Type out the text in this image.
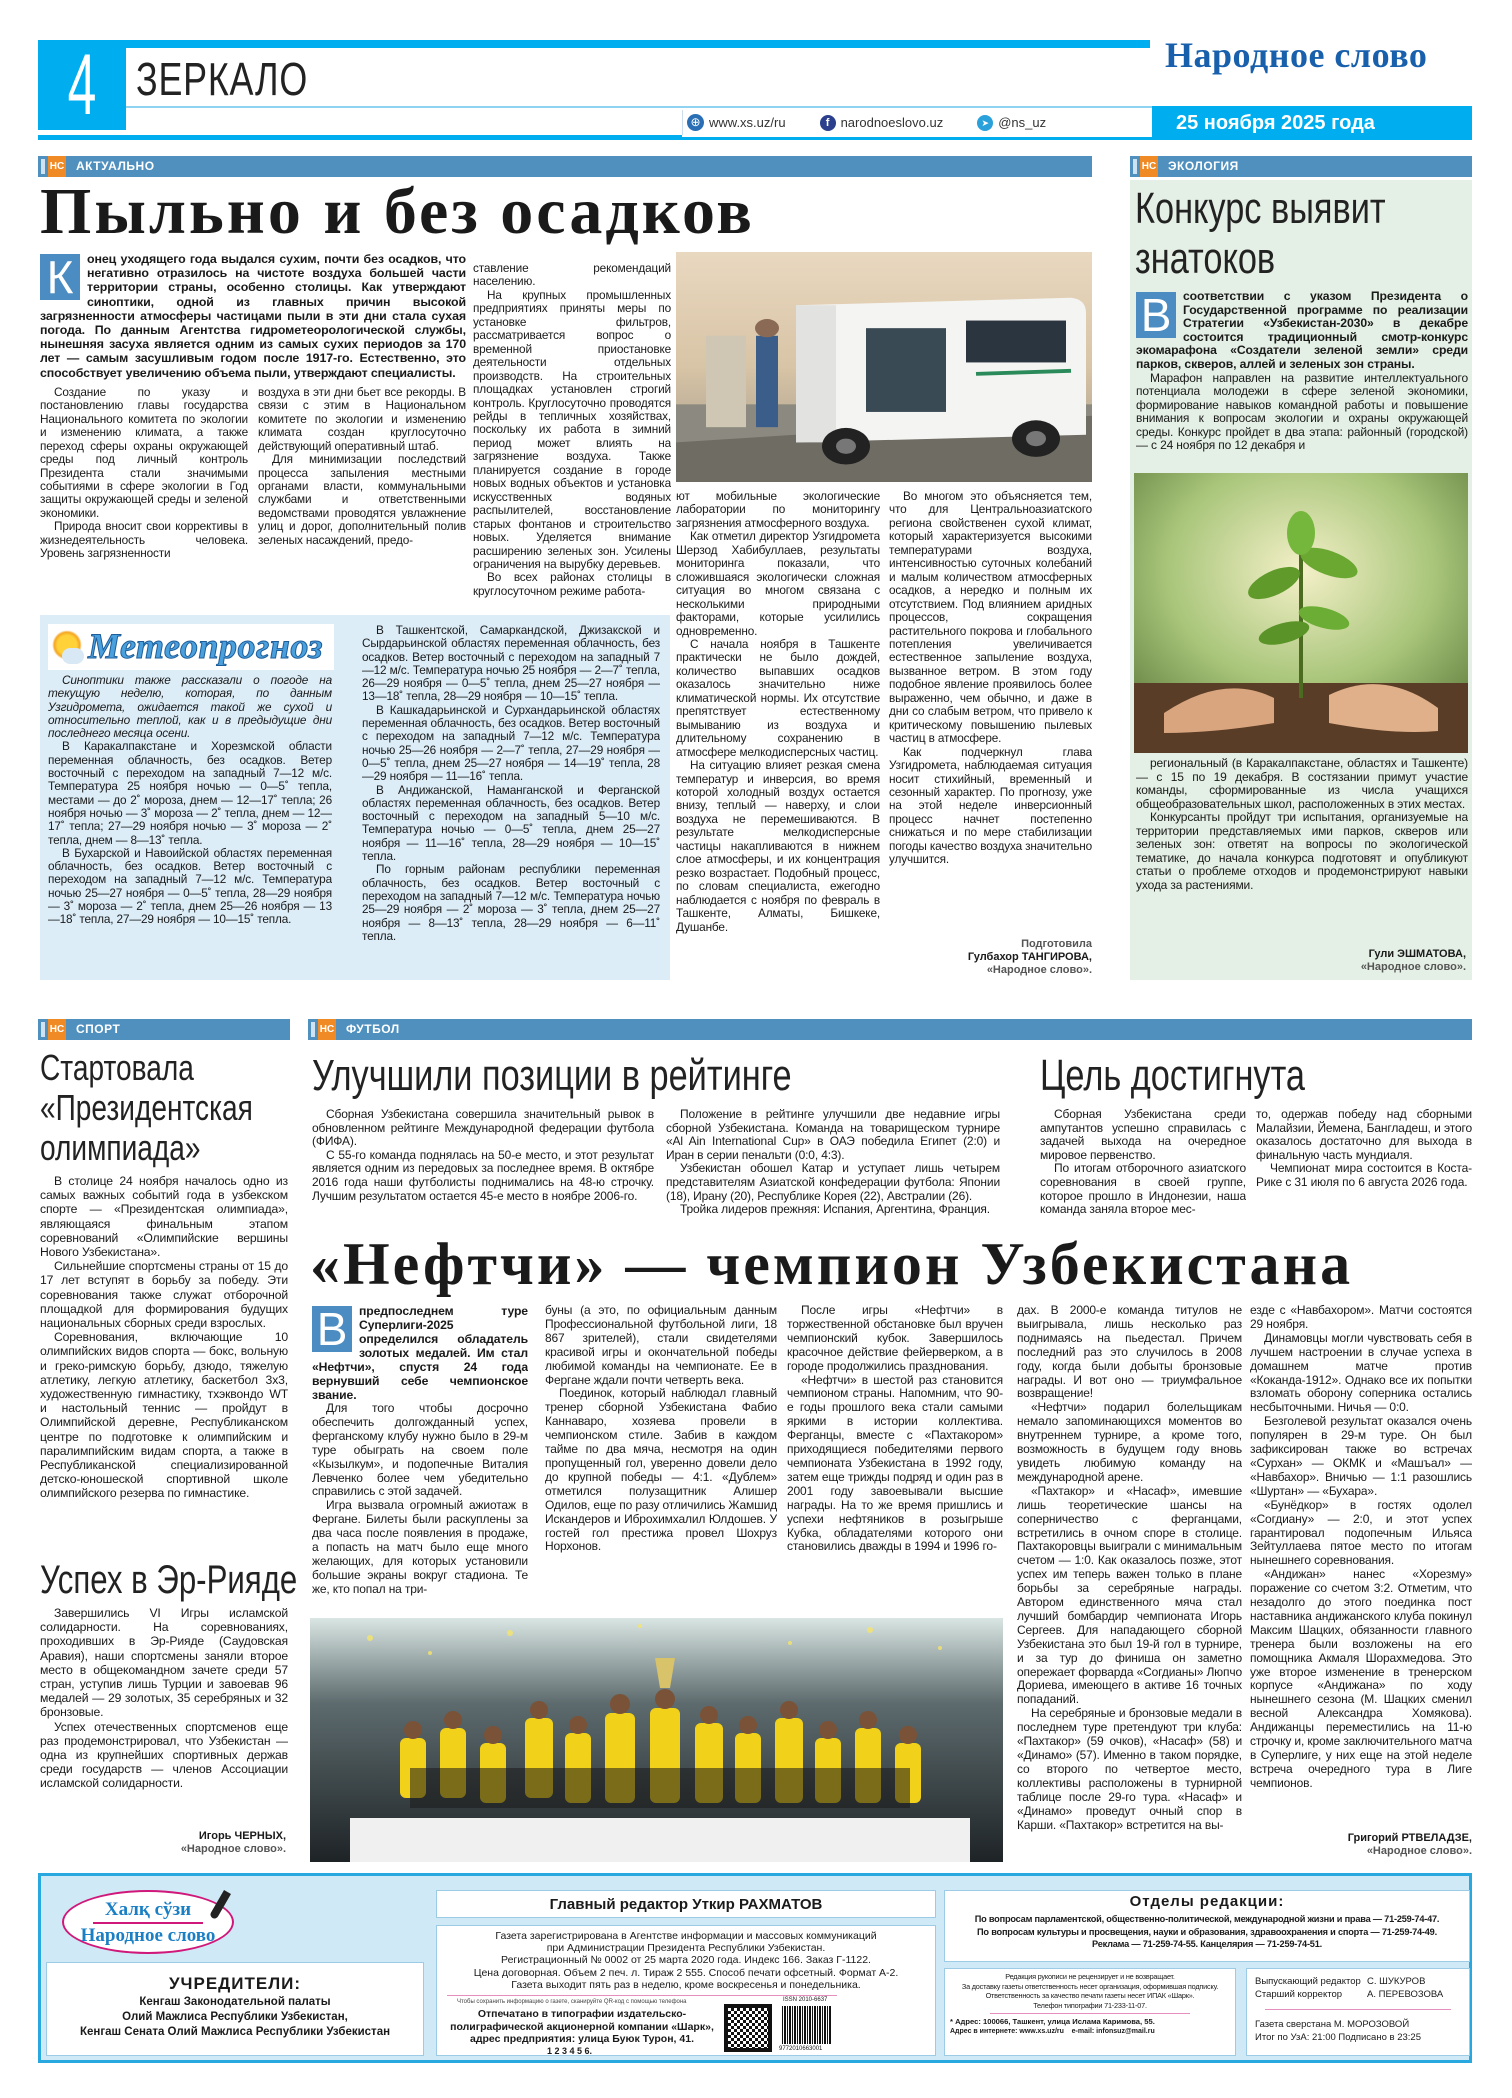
4 ЗЕРКАЛО	Народное слово
⊕ www.xs.uz/ru	f narodnoeslovo.uz	➤ @ns_uz	25 ноября 2025 года
НС АКТУАЛЬНО	НС ЭКОЛОГИЯ
Пыльно и без осадков
К	онец уходящего года выдался сухим, почти без осадков, что негативно отразилось на чистоте воздуха большей части территории страны, особенно столицы. Как утверждают синоптики, одной из главных причин высокой загрязненности атмосферы частицами пыли в эти дни стала сухая погода. По данным Агентства гидрометеорологической службы, нынешняя засуха является одним из самых сухих периодов за 170 лет — самым засушливым годом после 1917-го. Естественно, это способствует увеличению объема пыли, утверждают специалисты.

Создание по указу и постановлению главы государства Национального комитета по экологии и изменению климата, а также переход сферы охраны окружающей среды под личный контроль Президента стали значимыми событиями в сфере экологии в Год защиты окружающей среды и зеленой экономики.

Природа вносит свои коррективы в жизнедеятельность человека. Уровень загрязненности

воздуха в эти дни бьет все рекорды. В связи с этим в Национальном комитете по экологии и изменению климата создан круглосуточно действующий оперативный штаб.

Для минимизации последствий процесса запыления местными органами власти, коммунальными службами и ответственными ведомствами проводятся увлажнение улиц и дорог, дополнительный полив зеленых насаждений, предо-

ставление рекомендаций населению.

На крупных промышленных предприятиях приняты меры по установке фильтров, рассматривается вопрос о временной приостановке деятельности отдельных производств. На строительных площадках установлен строгий контроль. Круглосуточно проводятся рейды в тепличных хозяйствах, поскольку их работа в зимний период может влиять на загрязнение воздуха. Также планируется создание в городе новых водных объектов и установка искусственных водяных распылителей, восстановление старых фонтанов и строительство новых. Уделяется внимание расширению зеленых зон. Усилены ограничения на вырубку деревьев.

Во всех районах столицы в круглосуточном режиме работа-

ют мобильные экологические лаборатории по мониторингу загрязнения атмосферного воздуха.

Как отметил директор Узгидромета Шерзод Хабибуллаев, результаты мониторинга показали, что сложившаяся экологически сложная ситуация во многом связана с несколькими природными факторами, которые усилились одновременно.

С начала ноября в Ташкенте практически не было дождей, количество выпавших осадков оказалось значительно ниже климатической нормы. Их отсутствие препятствует естественному вымыванию из воздуха и длительному сохранению в атмосфере мелкодисперсных частиц.

На ситуацию влияет резкая смена температур и инверсия, во время которой холодный воздух остается внизу, теплый — наверху, и слои воздуха не перемешиваются. В результате мелкодисперсные частицы накапливаются в нижнем слое атмосферы, и их концентрация резко возрастает. Подобный процесс, по словам специалиста, ежегодно наблюдается с ноября по февраль в Ташкенте, Алматы, Бишкеке, Душанбе.

Во многом это объясняется тем, что для Центральноазиатского региона свойственен сухой климат, который характеризуется высокими температурами воздуха, интенсивностью суточных колебаний и малым количеством атмосферных осадков, а нередко и полным их отсутствием. Под влиянием аридных процессов, сокращения растительного покрова и глобального потепления увеличивается естественное запыление воздуха, вызванное ветром. В этом году подобное явление проявилось более выраженно, чем обычно, и даже в дни со слабым ветром, что привело к критическому повышению пылевых частиц в атмосфере.

Как подчеркнул глава Узгидромета, наблюдаемая ситуация носит стихийный, временный и сезонный характер. По прогнозу, уже на этой неделе инверсионный процесс начнет постепенно снижаться и по мере стабилизации погоды качество воздуха значительно улучшится.

Подготовила
Гулбахор ТАНГИРОВА,
«Народное слово».
Метеопрогноз

Синоптики также рассказали о погоде на текущую неделю, которая, по данным Узгидромета, ожидается такой же сухой и относительно теплой, как и в предыдущие дни последнего месяца осени.

В Каракалпакстане и Хорезмской области переменная облачность, без осадков. Ветер восточный с переходом на западный 7—12 м/с. Температура 25 ноября ночью — 0—5˚ тепла, местами — до 2˚ мороза, днем — 12—17˚ тепла; 26 ноября ночью — 3˚ мороза — 2˚ тепла, днем — 12—17˚ тепла; 27—29 ноября ночью — 3˚ мороза — 2˚ тепла, днем — 8—13˚ тепла.

В Бухарской и Навоийской областях переменная облачность, без осадков. Ветер восточный с переходом на западный 7—12 м/с. Температура ночью 25—27 ноября — 0—5˚ тепла, 28—29 ноября — 3˚ мороза — 2˚ тепла, днем 25—26 ноября — 13—18˚ тепла, 27—29 ноября — 10—15˚ тепла.

В Ташкентской, Самаркандской, Джизакской и Сырдарьинской областях переменная облачность, без осадков. Ветер восточный с переходом на западный 7—12 м/с. Температура ночью 25 ноября — 2—7˚ тепла, 26—29 ноября — 0—5˚ тепла, днем 25—27 ноября — 13—18˚ тепла, 28—29 ноября — 10—15˚ тепла.

В Кашкадарьинской и Сурхандарьинской областях переменная облачность, без осадков. Ветер восточный с переходом на западный 7—12 м/с. Температура ночью 25—26 ноября — 2—7˚ тепла, 27—29 ноября — 0—5˚ тепла, днем 25—27 ноября — 14—19˚ тепла, 28—29 ноября — 11—16˚ тепла.

В Андижанской, Наманганской и Ферганской областях переменная облачность, без осадков. Ветер восточный с переходом на западный 5—10 м/с. Температура ночью — 0—5˚ тепла, днем 25—27 ноября — 11—16˚ тепла, 28—29 ноября — 10—15˚ тепла.

По горным районам республики переменная облачность, без осадков. Ветер восточный с переходом на западный 7—12 м/с. Температура ночью 25—29 ноября — 2˚ мороза — 3˚ тепла, днем 25—27 ноября — 8—13˚ тепла, 28—29 ноября — 6—11˚ тепла.

Конкурс выявит
знатоков
В соответствии с указом Президента о Государственной программе по реализации Стратегии «Узбекистан-2030» в декабре состоится традиционный смотр-конкурс экомарафона «Создатели зеленой земли» среди парков, скверов, аллей и зеленых зон страны.

Марафон направлен на развитие интеллектуального потенциала молодежи в сфере зеленой экономики, формирование навыков командной работы и повышение внимания к вопросам экологии и охраны окружающей среды. Конкурс пройдет в два этапа: районный (городской) — с 24 ноября по 12 декабря и

региональный (в Каракалпакстане, областях и Ташкенте) — с 15 по 19 декабря. В состязании примут участие команды, сформированные из числа учащихся общеобразовательных школ, расположенных в этих местах.

Конкурсанты пройдут три испытания, организуемые на территории представляемых ими парков, скверов или зеленых зон: ответят на вопросы по экологической тематике, до начала конкурса подготовят и опубликуют статьи о проблеме отходов и продемонстрируют навыки ухода за растениями.

Гули ЭШМАТОВА,
«Народное слово».
НС СПОРТ	НС ФУТБОЛ
Стартовала
«Президентская
олимпиада»

В столице 24 ноября началось одно из самых важных событий года в узбекском спорте — «Президентская олимпиада», являющаяся финальным этапом соревнований «Олимпийские вершины Нового Узбекистана».

Сильнейшие спортсмены страны от 15 до 17 лет вступят в борьбу за победу. Эти соревнования также служат отборочной площадкой для формирования будущих национальных сборных среди взрослых.

Соревнования, включающие 10 олимпийских видов спорта — бокс, вольную и греко-римскую борьбу, дзюдо, тяжелую атлетику, легкую атлетику, баскетбол 3х3, художественную гимнастику, тхэквондо WT и настольный теннис — пройдут в Олимпийской деревне, Республиканском центре по подготовке к олимпийским и паралимпийским видам спорта, а также в Республиканской специализированной детско-юношеской спортивной школе олимпийского резерва по гимнастике.

Успех в Эр-Рияде

Завершились VI Игры исламской солидарности. На соревнованиях, проходивших в Эр-Рияде (Саудовская Аравия), наши спортсмены заняли второе место в общекомандном зачете среди 57 стран, уступив лишь Турции и завоевав 96 медалей — 29 золотых, 35 серебряных и 32 бронзовые.

Успех отечественных спортсменов еще раз продемонстрировал, что Узбекистан — одна из крупнейших спортивных держав среди государств — членов Ассоциации исламской солидарности.

Игорь ЧЕРНЫХ,
«Народное слово».
Улучшили позиции в рейтинге

Сборная Узбекистана совершила значительный рывок в обновленном рейтинге Международной федерации футбола (ФИФА).

С 55-го команда поднялась на 50-е место, и этот результат является одним из передовых за последнее время. В октябре 2016 года наши футболисты поднимались на 48-ю строчку. Лучшим результатом остается 45-е место в ноябре 2006-го.

Положение в рейтинге улучшили две недавние игры сборной Узбекистана. Команда на товарищеском турнире «Al Ain International Cup» в ОАЭ победила Египет (2:0) и Иран в серии пенальти (0:0, 4:3).

Узбекистан обошел Катар и уступает лишь четырем представителям Азиатской конфедерации футбола: Японии (18), Ирану (20), Республике Корея (22), Австралии (26).

Тройка лидеров прежняя: Испания, Аргентина, Франция.

Цель достигнута

Сборная Узбекистана среди ампутантов успешно справилась с задачей выхода на очередное мировое первенство.

По итогам отборочного азиатского соревнования в своей группе, которое прошло в Индонезии, наша команда заняла второе мес-

то, одержав победу над сборными Малайзии, Йемена, Бангладеш, и этого оказалось достаточно для выхода в финальную часть мундиаля.

Чемпионат мира состоится в Коста-Рике с 31 июля по 6 августа 2026 года.

«Нефтчи» — чемпион Узбекистана
В предпоследнем туре Суперлиги-2025 определился обладатель золотых медалей. Им стал «Нефтчи», спустя 24 года вернувший себе чемпионское звание.

Для того чтобы досрочно обеспечить долгожданный успех, ферганскому клубу нужно было в 29-м туре обыграть на своем поле «Кызылкум», и подопечные Виталия Левченко более чем убедительно справились с этой задачей.

Игра вызвала огромный ажиотаж в Фергане. Билеты были раскуплены за два часа после появления в продаже, а попасть на матч было еще много желающих, для которых установили большие экраны вокруг стадиона. Те же, кто попал на три-

буны (а это, по официальным данным Профессиональной футбольной лиги, 18 867 зрителей), стали свидетелями красивой игры и окончательной победы любимой команды на чемпионате. Ее в Фергане ждали почти четверть века.

Поединок, который наблюдал главный тренер сборной Узбекистана Фабио Каннаваро, хозяева провели в чемпионском стиле. Забив в каждом тайме по два мяча, несмотря на один пропущенный гол, уверенно довели дело до крупной победы — 4:1. «Дублем» отметился полузащитник Алишер Одилов, еще по разу отличились Жамшид Искандеров и Иброхимхалил Юлдошев. У гостей гол престижа провел Шохруз Норхонов.

После игры «Нефтчи» в торжественной обстановке был вручен чемпионский кубок. Завершилось красочное действие фейерверком, а в городе продолжились празднования.

«Нефтчи» в шестой раз становится чемпионом страны. Напомним, что 90-е годы прошлого века стали самыми яркими в истории коллектива. Ферганцы, вместе с «Пахтакором» приходящиеся победителями первого чемпионата Узбекистана в 1992 году, затем еще трижды подряд и один раз в 2001 году завоевывали высшие награды. На то же время пришлись и успехи нефтяников в розыгрыше Кубка, обладателями которого они становились дважды в 1994 и 1996 го-

дах. В 2000-е команда титулов не выигрывала, лишь несколько раз поднимаясь на пьедестал. Причем последний раз это случилось в 2008 году, когда были добыты бронзовые награды. И вот оно — триумфальное возвращение!

«Нефтчи» подарил болельщикам немало запоминающихся моментов во внутреннем турнире, а кроме того, возможность в будущем году вновь увидеть любимую команду на международной арене.

«Пахтакор» и «Насаф», имевшие лишь теоретические шансы на соперничество с ферганцами, встретились в очном споре в столице. Пахтакоровцы выиграли с минимальным счетом — 1:0. Как оказалось позже, этот успех им теперь важен только в плане борьбы за серебряные награды. Автором единственного мяча стал лучший бомбардир чемпионата Игорь Сергеев. Для нападающего сборной Узбекистана это был 19-й гол в турнире, и за тур до финиша он заметно опережает форварда «Согдианы» Люпчо Дориева, имеющего в активе 16 точных попаданий.

На серебряные и бронзовые медали в последнем туре претендуют три клуба: «Пахтакор» (59 очков), «Насаф» (58) и «Динамо» (57). Именно в таком порядке, со второго по четвертое место, коллективы расположены в турнирной таблице после 29-го тура. «Насаф» и «Динамо» проведут очный спор в Карши. «Пахтакор» встретится на вы-

езде с «Навбахором». Матчи состоятся 29 ноября.

Динамовцы могли чувствовать себя в лучшем настроении в случае успеха в домашнем матче против «Коканда-1912». Однако все их попытки взломать оборону соперника остались несбыточными. Ничья — 0:0.

Безголевой результат оказался очень популярен в 29-м туре. Он был зафиксирован также во встречах «Сурхан» — ОКМК и «Машъал» — «Навбахор». Вничью — 1:1 разошлись «Шуртан» — «Бухара».

«Бунёдкор» в гостях одолел «Согдиану» — 2:0, и этот успех гарантировал подопечным Ильяса Зейтуллаева пятое место по итогам нынешнего соревнования.

«Андижан» нанес «Хорезму» поражение со счетом 3:2. Отметим, что незадолго до этого поединка пост наставника андижанского клуба покинул Максим Шацких, обязанности главного тренера были возложены на его помощника Акмаля Шорахмедова. Это уже второе изменение в тренерском корпусе «Андижана» по ходу нынешнего сезона (М. Шацких сменил весной Александра Хомякова). Андижанцы переместились на 11-ю строчку и, кроме заключительного матча в Суперлиге, у них еще на этой неделе встреча очередного тура в Лиге чемпионов.

Григорий РТВЕЛАДЗЕ,
«Народное слово».
Халқ сўзи
Народное слово
УЧРЕДИТЕЛИ:
Кенгаш Законодательной палаты
Олий Мажлиса Республики Узбекистан,
Кенгаш Сената Олий Мажлиса Республики Узбекистан
Главный редактор Уткир РАХМАТОВ
Газета зарегистрирована в Агентстве информации и массовых коммуникаций
при Администрации Президента Республики Узбекистан.
Регистрационный № 0002 от 25 марта 2020 года. Индекс 166. Заказ Г-1122.
Цена договорная. Объем 2 печ. л. Тираж 2 555. Способ печати офсетный. Формат А-2.
Газета выходит пять раз в неделю, кроме воскресенья и понедельника.
Чтобы сохранить информацию о газете, сканируйте QR-код с помощью телефона
Отпечатано в типографии издательско-
полиграфической акционерной компании «Шарк»,
адрес предприятия: улица Буюк Турон, 41.
1 2 3 4 5 6.
ISSN 2010-6637
9772010663001
Отделы редакции:
По вопросам парламентской, общественно-политической, международной жизни и права — 71-259-74-47.
По вопросам культуры и просвещения, науки и образования, здравоохранения и спорта — 71-259-74-49.
Реклама — 71-259-74-55. Канцелярия — 71-259-74-51.
Редакция рукописи не рецензирует и не возвращает.
За доставку газеты ответственность несет организация, оформившая подписку.
Ответственность за качество печати газеты несет ИПАК «Шарк».
Телефон типографии 71-233-11-07.
* Адрес: 100066, Ташкент, улица Ислама Каримова, 55.
Адрес в интернете: www.xs.uz/ru    e-mail: infonsuz@mail.ru
Выпускающий редактор С. ШУКУРОВ
Старший корректор	А. ПЕРЕВОЗОВА
Газета сверстана М. МОРОЗОВОЙ
Итог по УзА: 21:00 Подписано в 23:25
